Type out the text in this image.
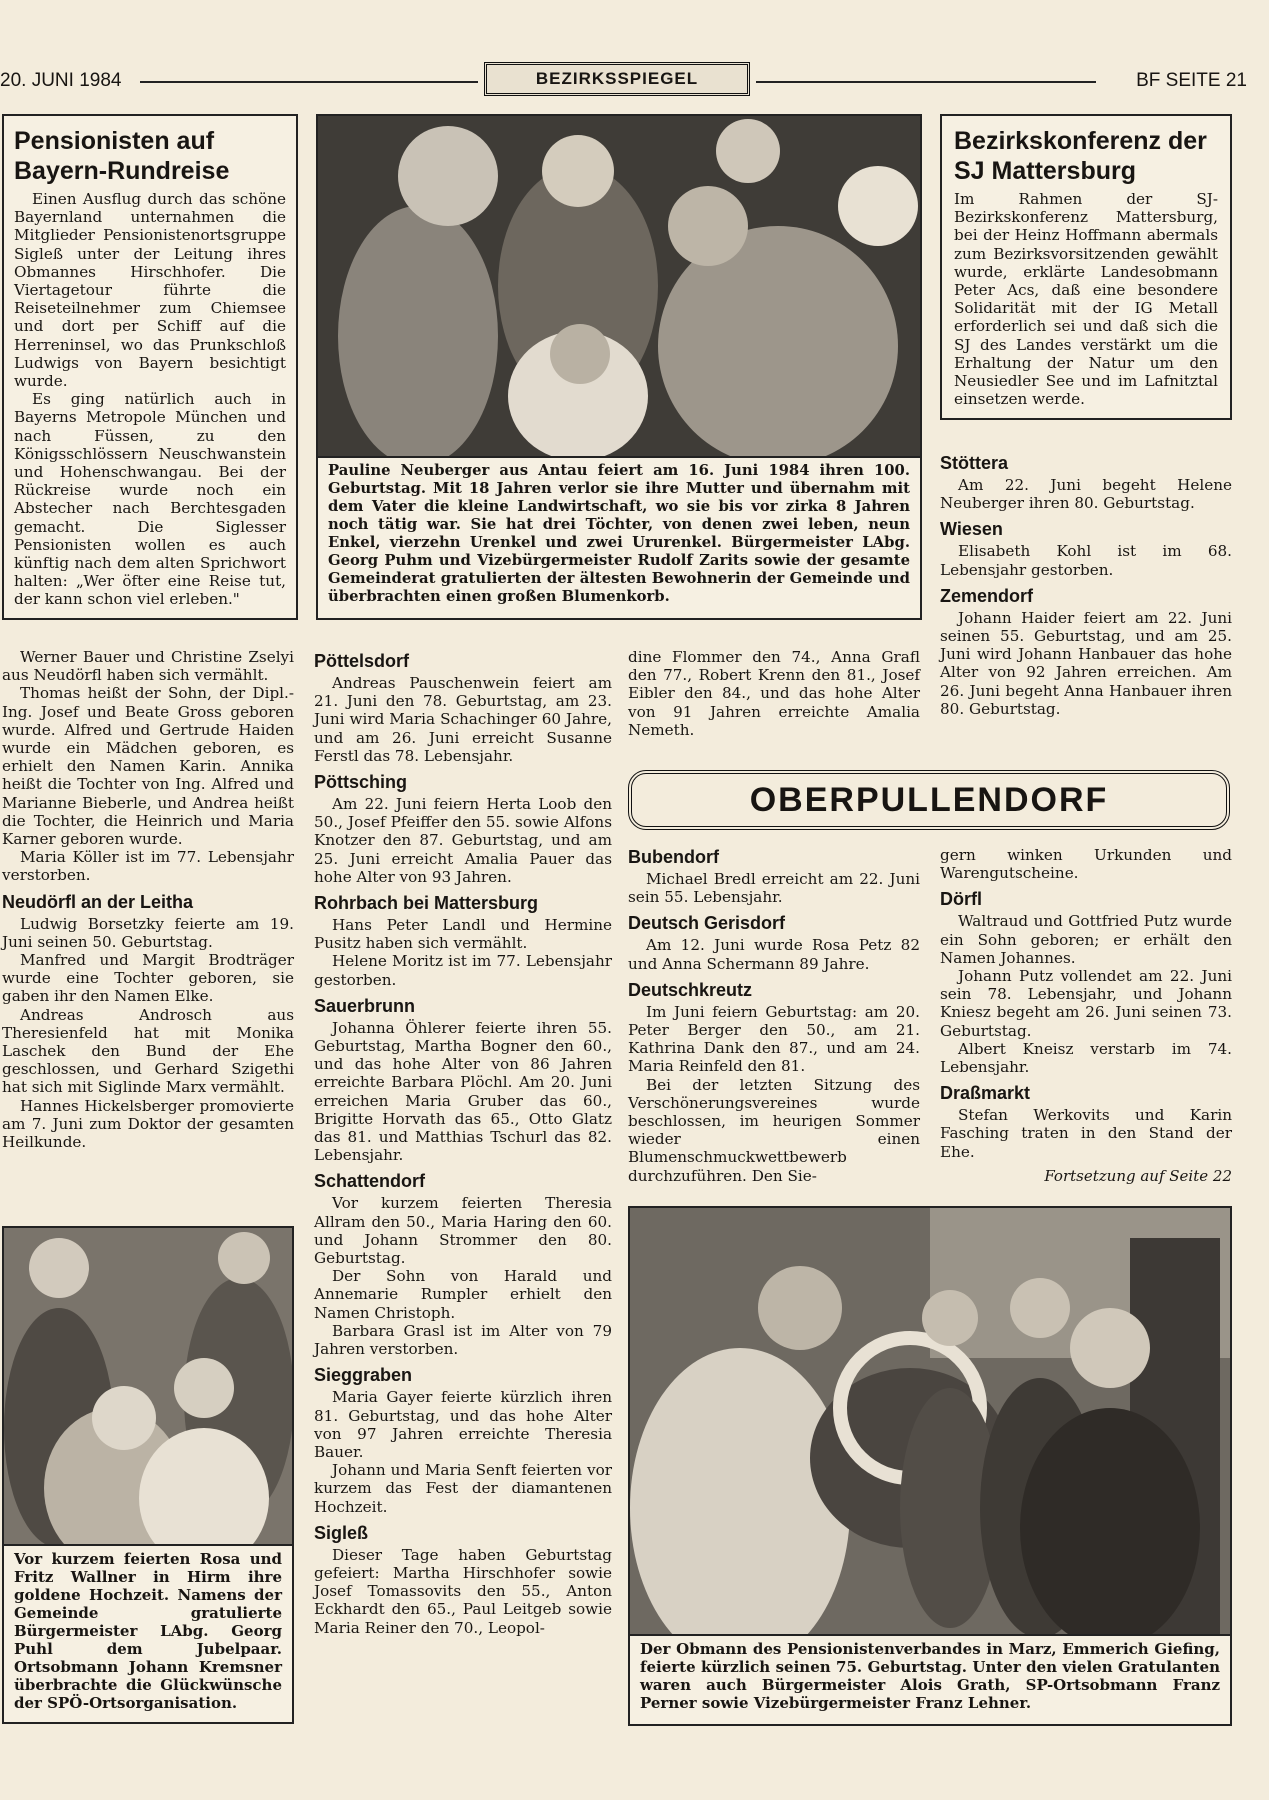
20. JUNI 1984	BEZIRKSSPIEGEL	BF SEITE 21
Pensionisten auf Bayern-Rundreise

Einen Ausflug durch das schöne Bayernland unternahmen die Mitglieder Pensionistenortsgruppe Sigleß unter der Leitung ihres Obmannes Hirschhofer. Die Viertagetour führte die Reiseteilnehmer zum Chiemsee und dort per Schiff auf die Herreninsel, wo das Prunkschloß Ludwigs von Bayern besichtigt wurde.

Es ging natürlich auch in Bayerns Metropole München und nach Füssen, zu den Königsschlössern Neuschwanstein und Hohenschwangau. Bei der Rückreise wurde noch ein Abstecher nach Berchtesgaden gemacht. Die Siglesser Pensionisten wollen es auch künftig nach dem alten Sprichwort halten: „Wer öfter eine Reise tut, der kann schon viel erleben."

Pauline Neuberger aus Antau feiert am 16. Juni 1984 ihren 100. Geburtstag. Mit 18 Jahren verlor sie ihre Mutter und übernahm mit dem Vater die kleine Landwirtschaft, wo sie bis vor zirka 8 Jahren noch tätig war. Sie hat drei Töchter, von denen zwei leben, neun Enkel, vierzehn Urenkel und zwei Ururenkel. Bürgermeister LAbg. Georg Puhm und Vizebürgermeister Rudolf Zarits sowie der gesamte Gemeinderat gratulierten der ältesten Bewohnerin der Gemeinde und überbrachten einen großen Blumenkorb.
Bezirkskonferenz der SJ Mattersburg
Im Rahmen der SJ-Bezirkskonferenz Mattersburg, bei der Heinz Hoffmann abermals zum Bezirksvorsitzenden gewählt wurde, erklärte Landesobmann Peter Acs, daß eine besondere Solidarität mit der IG Metall erforderlich sei und daß sich die SJ des Landes verstärkt um die Erhaltung der Natur um den Neusiedler See und im Lafnitztal einsetzen werde.
Stöttera

Am 22. Juni begeht Helene Neuberger ihren 80. Geburtstag.

Wiesen

Elisabeth Kohl ist im 68. Lebensjahr gestorben.

Zemendorf

Johann Haider feiert am 22. Juni seinen 55. Geburtstag, und am 25. Juni wird Johann Hanbauer das hohe Alter von 92 Jahren erreichen. Am 26. Juni begeht Anna Hanbauer ihren 80. Geburtstag.

Werner Bauer und Christine Zselyi aus Neudörfl haben sich vermählt.

Thomas heißt der Sohn, der Dipl.-Ing. Josef und Beate Gross geboren wurde. Alfred und Gertrude Haiden wurde ein Mädchen geboren, es erhielt den Namen Karin. Annika heißt die Tochter von Ing. Alfred und Marianne Bieberle, und Andrea heißt die Tochter, die Heinrich und Maria Karner geboren wurde.

Maria Köller ist im 77. Lebensjahr verstorben.

Neudörfl an der Leitha

Ludwig Borsetzky feierte am 19. Juni seinen 50. Geburtstag.

Manfred und Margit Brodträger wurde eine Tochter geboren, sie gaben ihr den Namen Elke.

Andreas Androsch aus Theresienfeld hat mit Monika Laschek den Bund der Ehe geschlossen, und Gerhard Szigethi hat sich mit Siglinde Marx vermählt.

Hannes Hickelsberger promovierte am 7. Juni zum Doktor der gesamten Heilkunde.

Vor kurzem feierten Rosa und Fritz Wallner in Hirm ihre goldene Hochzeit. Namens der Gemeinde gratulierte Bürgermeister LAbg. Georg Puhl dem Jubelpaar. Ortsobmann Johann Kremsner überbrachte die Glückwünsche der SPÖ-Ortsorganisation.
Pöttelsdorf

Andreas Pauschenwein feiert am 21. Juni den 78. Geburtstag, am 23. Juni wird Maria Schachinger 60 Jahre, und am 26. Juni erreicht Susanne Ferstl das 78. Lebensjahr.

Pöttsching

Am 22. Juni feiern Herta Loob den 50., Josef Pfeiffer den 55. sowie Alfons Knotzer den 87. Geburtstag, und am 25. Juni erreicht Amalia Pauer das hohe Alter von 93 Jahren.

Rohrbach bei Mattersburg

Hans Peter Landl und Hermine Pusitz haben sich vermählt.

Helene Moritz ist im 77. Lebensjahr gestorben.

Sauerbrunn

Johanna Öhlerer feierte ihren 55. Geburtstag, Martha Bogner den 60., und das hohe Alter von 86 Jahren erreichte Barbara Plöchl. Am 20. Juni erreichen Maria Gruber das 60., Brigitte Horvath das 65., Otto Glatz das 81. und Matthias Tschurl das 82. Lebensjahr.

Schattendorf

Vor kurzem feierten Theresia Allram den 50., Maria Haring den 60. und Johann Strommer den 80. Geburtstag.

Der Sohn von Harald und Annemarie Rumpler erhielt den Namen Christoph.

Barbara Grasl ist im Alter von 79 Jahren verstorben.

Sieggraben

Maria Gayer feierte kürzlich ihren 81. Geburtstag, und das hohe Alter von 97 Jahren erreichte Theresia Bauer.

Johann und Maria Senft feierten vor kurzem das Fest der diamantenen Hochzeit.

Sigleß

Dieser Tage haben Geburtstag gefeiert: Martha Hirschhofer sowie Josef Tomassovits den 55., Anton Eckhardt den 65., Paul Leitgeb sowie Maria Reiner den 70., Leopol-

dine Flommer den 74., Anna Grafl den 77., Robert Krenn den 81., Josef Eibler den 84., und das hohe Alter von 91 Jahren erreichte Amalia Nemeth.
OBERPULLENDORF
Bubendorf

Michael Bredl erreicht am 22. Juni sein 55. Lebensjahr.

Deutsch Gerisdorf

Am 12. Juni wurde Rosa Petz 82 und Anna Schermann 89 Jahre.

Deutschkreutz

Im Juni feiern Geburtstag: am 20. Peter Berger den 50., am 21. Kathrina Dank den 87., und am 24. Maria Reinfeld den 81.

Bei der letzten Sitzung des Verschönerungsvereines wurde beschlossen, im heurigen Sommer wieder einen Blumenschmuckwettbewerb durchzuführen. Den Sie-

gern winken Urkunden und Warengutscheine.

Dörfl

Waltraud und Gottfried Putz wurde ein Sohn geboren; er erhält den Namen Johannes.

Johann Putz vollendet am 22. Juni sein 78. Lebensjahr, und Johann Kniesz begeht am 26. Juni seinen 73. Geburtstag.

Albert Kneisz verstarb im 74. Lebensjahr.

Draßmarkt

Stefan Werkovits und Karin Fasching traten in den Stand der Ehe.

Fortsetzung auf Seite 22
Der Obmann des Pensionistenverbandes in Marz, Emmerich Giefing, feierte kürzlich seinen 75. Geburtstag. Unter den vielen Gratulanten waren auch Bürgermeister Alois Grath, SP-Ortsobmann Franz Perner sowie Vizebürgermeister Franz Lehner.
